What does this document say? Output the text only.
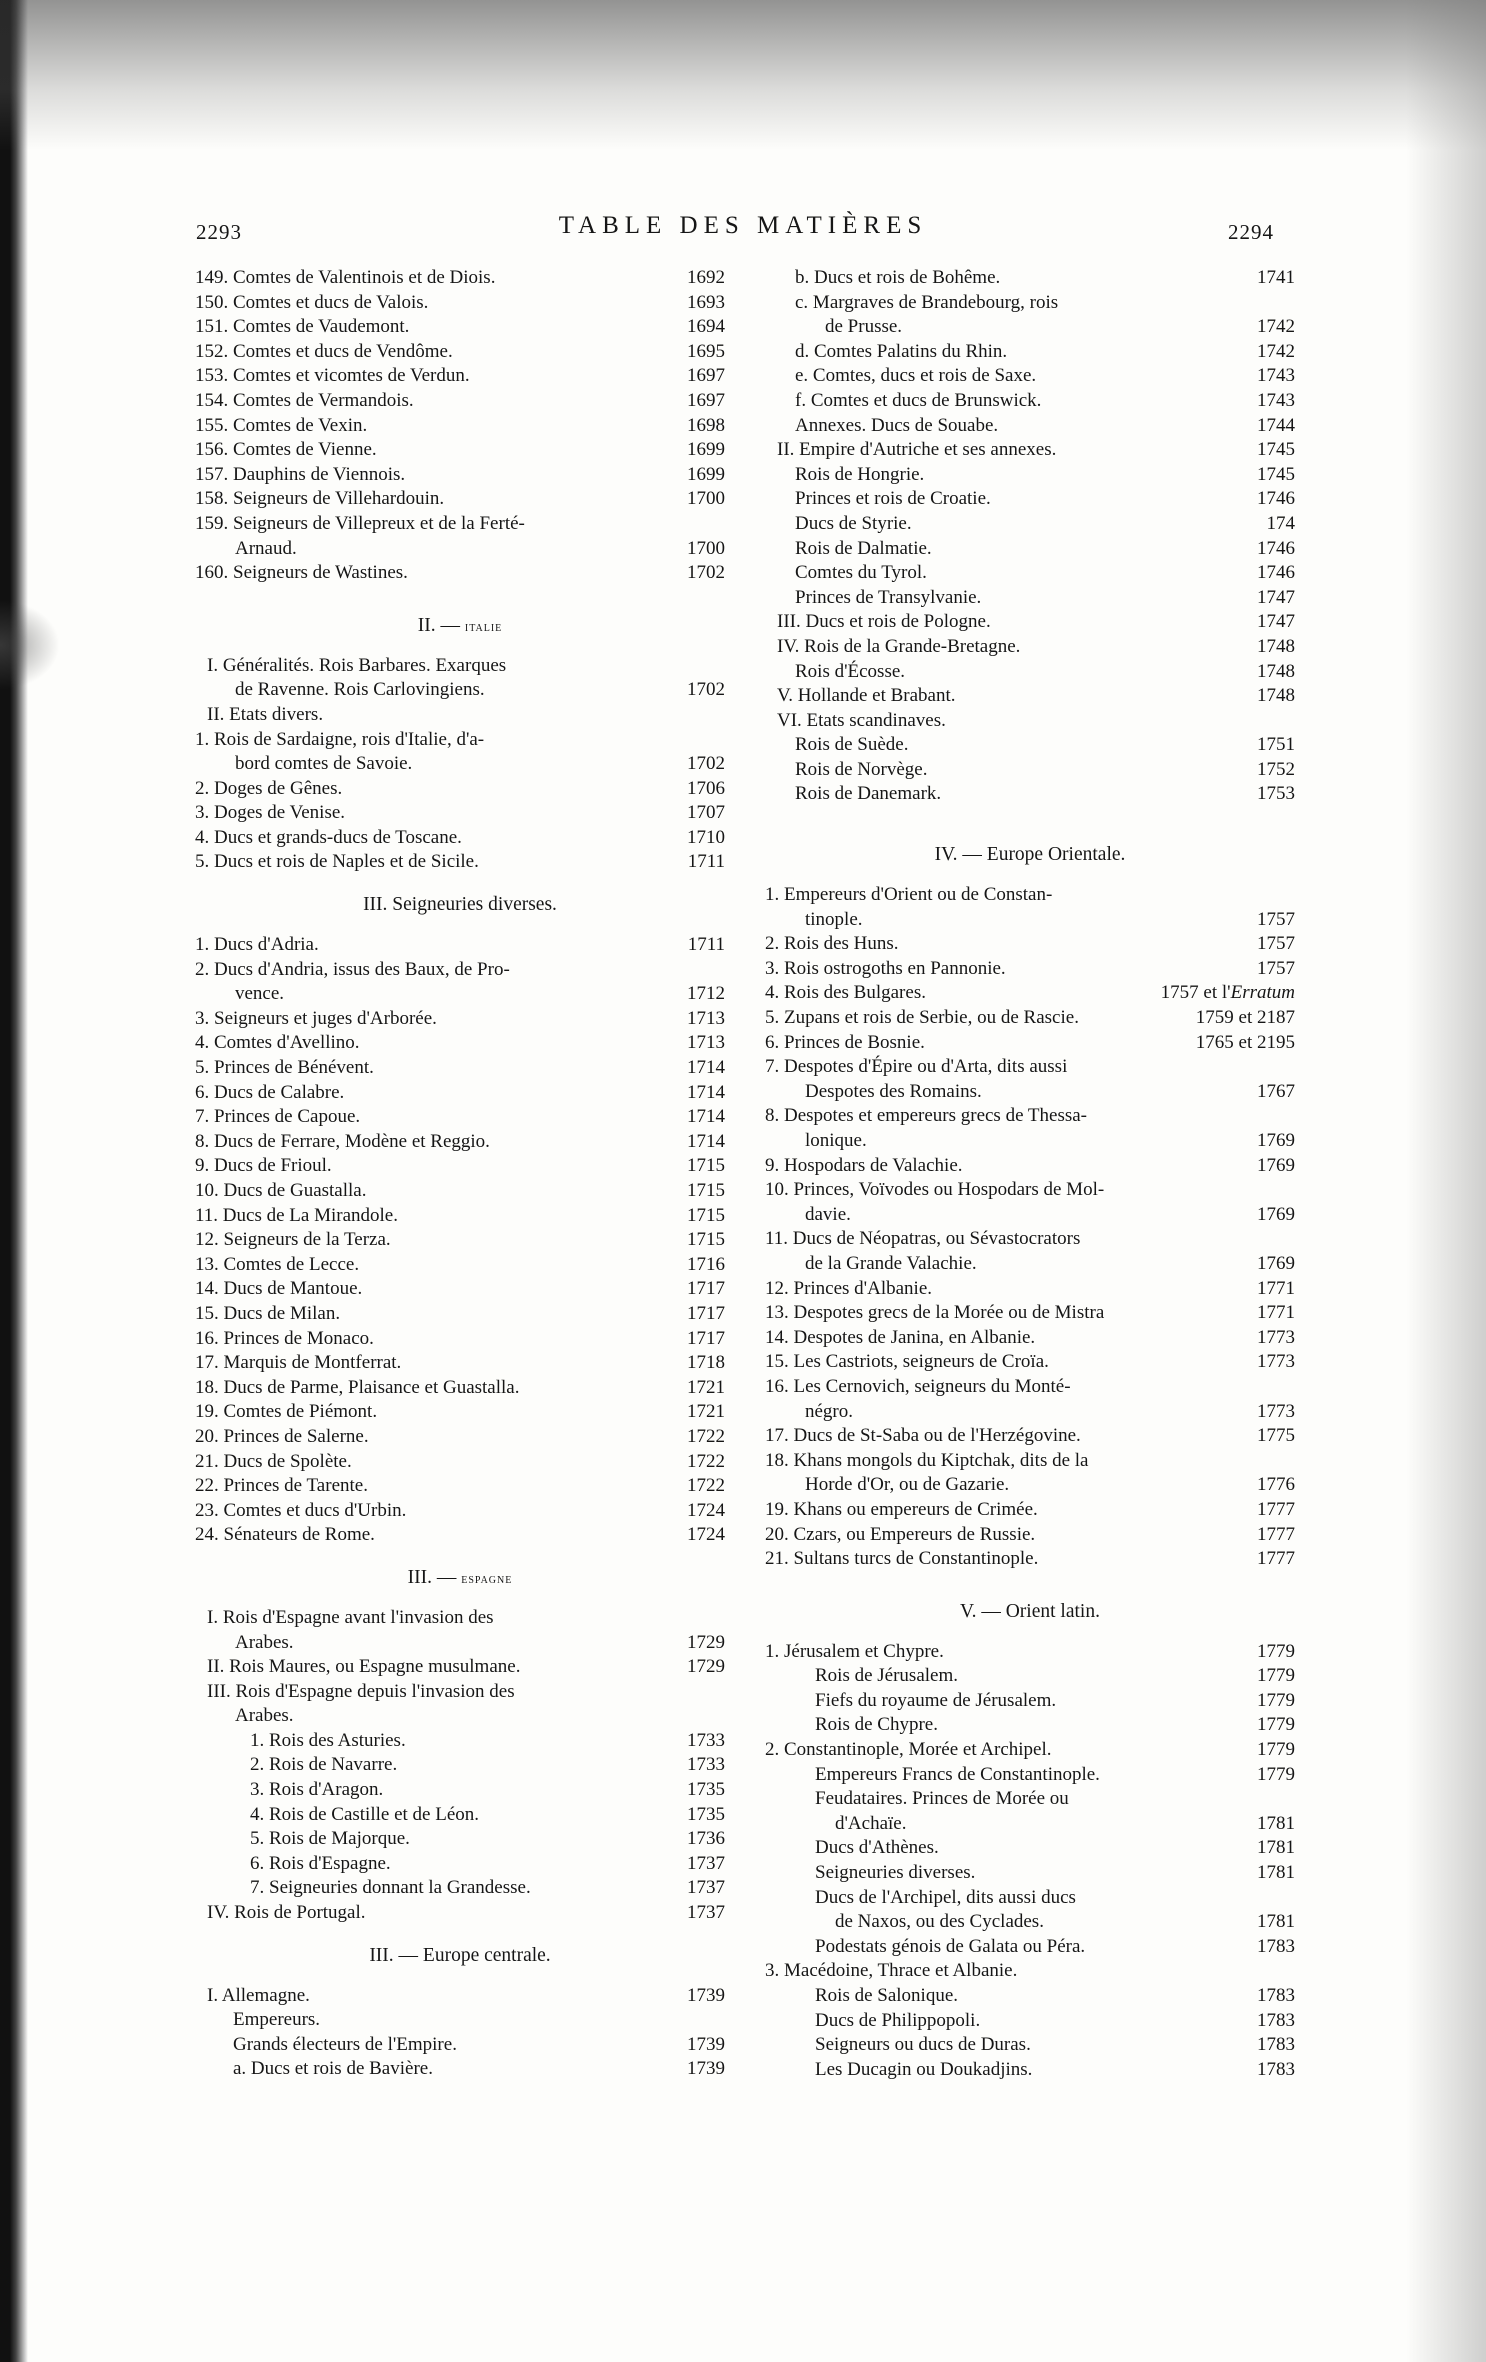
2293	TABLE DES MATIÈRES	2294
149. Comtes de Valentinois et de Diois.	1692
150. Comtes et ducs de Valois.	1693
151. Comtes de Vaudemont.	1694
152. Comtes et ducs de Vendôme.	1695
153. Comtes et vicomtes de Verdun.	1697
154. Comtes de Vermandois.	1697
155. Comtes de Vexin.	1698
156. Comtes de Vienne.	1699
157. Dauphins de Viennois.	1699
158. Seigneurs de Villehardouin.	1700
159. Seigneurs de Villepreux et de la Ferté-
Arnaud.	1700
160. Seigneurs de Wastines.	1702
II. — italie
I. Généralités. Rois Barbares. Exarques
de Ravenne. Rois Carlovingiens.	1702
II. Etats divers.
1. Rois de Sardaigne, rois d'Italie, d'a-
bord comtes de Savoie.	1702
2. Doges de Gênes.	1706
3. Doges de Venise.	1707
4. Ducs et grands-ducs de Toscane.	1710
5. Ducs et rois de Naples et de Sicile.	1711
III. Seigneuries diverses.
1. Ducs d'Adria.	1711
2. Ducs d'Andria, issus des Baux, de Pro-
vence.	1712
3. Seigneurs et juges d'Arborée.	1713
4. Comtes d'Avellino.	1713
5. Princes de Bénévent.	1714
6. Ducs de Calabre.	1714
7. Princes de Capoue.	1714
8. Ducs de Ferrare, Modène et Reggio.	1714
9. Ducs de Frioul.	1715
10. Ducs de Guastalla.	1715
11. Ducs de La Mirandole.	1715
12. Seigneurs de la Terza.	1715
13. Comtes de Lecce.	1716
14. Ducs de Mantoue.	1717
15. Ducs de Milan.	1717
16. Princes de Monaco.	1717
17. Marquis de Montferrat.	1718
18. Ducs de Parme, Plaisance et Guastalla.	1721
19. Comtes de Piémont.	1721
20. Princes de Salerne.	1722
21. Ducs de Spolète.	1722
22. Princes de Tarente.	1722
23. Comtes et ducs d'Urbin.	1724
24. Sénateurs de Rome.	1724
III. — espagne
I. Rois d'Espagne avant l'invasion des
Arabes.	1729
II. Rois Maures, ou Espagne musulmane.	1729
III. Rois d'Espagne depuis l'invasion des
Arabes.
1. Rois des Asturies.	1733
2. Rois de Navarre.	1733
3. Rois d'Aragon.	1735
4. Rois de Castille et de Léon.	1735
5. Rois de Majorque.	1736
6. Rois d'Espagne.	1737
7. Seigneuries donnant la Grandesse.	1737
IV. Rois de Portugal.	1737
III. — Europe centrale.
I. Allemagne.	1739
Empereurs.
Grands électeurs de l'Empire.	1739
a. Ducs et rois de Bavière.	1739
b. Ducs et rois de Bohême.	1741
c. Margraves de Brandebourg, rois
de Prusse.	1742
d. Comtes Palatins du Rhin.	1742
e. Comtes, ducs et rois de Saxe.	1743
f. Comtes et ducs de Brunswick.	1743
Annexes. Ducs de Souabe.	1744
II. Empire d'Autriche et ses annexes.	1745
Rois de Hongrie.	1745
Princes et rois de Croatie.	1746
Ducs de Styrie.	174
Rois de Dalmatie.	1746
Comtes du Tyrol.	1746
Princes de Transylvanie.	1747
III. Ducs et rois de Pologne.	1747
IV. Rois de la Grande-Bretagne.	1748
Rois d'Écosse.	1748
V. Hollande et Brabant.	1748
VI. Etats scandinaves.
Rois de Suède.	1751
Rois de Norvège.	1752
Rois de Danemark.	1753
IV. — Europe Orientale.
1. Empereurs d'Orient ou de Constan-
tinople.	1757
2. Rois des Huns.	1757
3. Rois ostrogoths en Pannonie.	1757
4. Rois des Bulgares.	1757 et l'Erratum
5. Zupans et rois de Serbie, ou de Rascie.	1759 et 2187
6. Princes de Bosnie.	1765 et 2195
7. Despotes d'Épire ou d'Arta, dits aussi
Despotes des Romains.	1767
8. Despotes et empereurs grecs de Thessa-
lonique.	1769
9. Hospodars de Valachie.	1769
10. Princes, Voïvodes ou Hospodars de Mol-
davie.	1769
11. Ducs de Néopatras, ou Sévastocrators
de la Grande Valachie.	1769
12. Princes d'Albanie.	1771
13. Despotes grecs de la Morée ou de Mistra	1771
14. Despotes de Janina, en Albanie.	1773
15. Les Castriots, seigneurs de Croïa.	1773
16. Les Cernovich, seigneurs du Monté-
négro.	1773
17. Ducs de St-Saba ou de l'Herzégovine.	1775
18. Khans mongols du Kiptchak, dits de la
Horde d'Or, ou de Gazarie.	1776
19. Khans ou empereurs de Crimée.	1777
20. Czars, ou Empereurs de Russie.	1777
21. Sultans turcs de Constantinople.	1777
V. — Orient latin.
1. Jérusalem et Chypre.	1779
Rois de Jérusalem.	1779
Fiefs du royaume de Jérusalem.	1779
Rois de Chypre.	1779
2. Constantinople, Morée et Archipel.	1779
Empereurs Francs de Constantinople.	1779
Feudataires. Princes de Morée ou
d'Achaïe.	1781
Ducs d'Athènes.	1781
Seigneuries diverses.	1781
Ducs de l'Archipel, dits aussi ducs
de Naxos, ou des Cyclades.	1781
Podestats génois de Galata ou Péra.	1783
3. Macédoine, Thrace et Albanie.
Rois de Salonique.	1783
Ducs de Philippopoli.	1783
Seigneurs ou ducs de Duras.	1783
Les Ducagin ou Doukadjins.	1783
